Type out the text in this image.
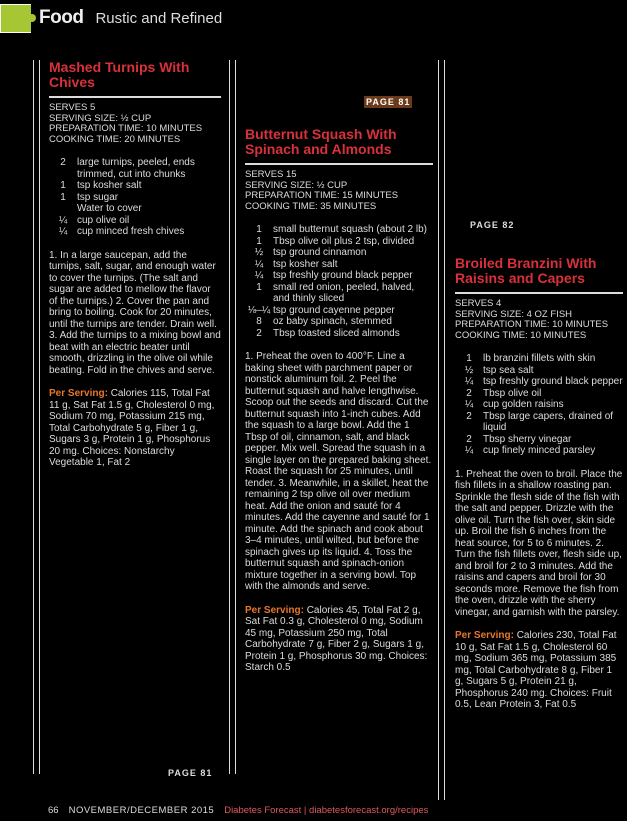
Food Rustic and Refined
Mashed Turnips With Chives
SERVES 5
SERVING SIZE: ½ CUP
PREPARATION TIME: 10 MINUTES
COOKING TIME: 20 MINUTES
2	large turnips, peeled, ends trimmed, cut into chunks
1	tsp kosher salt
1	tsp sugar
Water to cover
¼ cup olive oil
¼ cup minced fresh chives
1. In a large saucepan, add the turnips, salt, sugar, and enough water to cover the turnips. (The salt and sugar are added to mellow the flavor of the turnips.) 2. Cover the pan and bring to boiling. Cook for 20 minutes, until the turnips are tender. Drain well. 3. Add the turnips to a mixing bowl and beat with an electric beater until smooth, drizzling in the olive oil while beating. Fold in the chives and serve.
Per Serving: Calories 115, Total Fat 11 g, Sat Fat 1.5 g, Cholesterol 0 mg, Sodium 70 mg, Potassium 215 mg, Total Carbohydrate 5 g, Fiber 1 g, Sugars 3 g, Protein 1 g, Phosphorus 20 mg. Choices: Nonstarchy Vegetable 1, Fat 2
PAGE 81
PAGE 81
Butternut Squash With Spinach and Almonds
SERVES 15
SERVING SIZE: ½ CUP
PREPARATION TIME: 15 MINUTES
COOKING TIME: 35 MINUTES
1	small butternut squash (about 2 lb)
1	Tbsp olive oil plus 2 tsp, divided
½ tsp ground cinnamon
¼ tsp kosher salt
¼ tsp freshly ground black pepper
1	small red onion, peeled, halved, and thinly sliced
⅛–¼ tsp ground cayenne pepper
8	oz baby spinach, stemmed
2	Tbsp toasted sliced almonds
1. Preheat the oven to 400°F. Line a baking sheet with parchment paper or nonstick aluminum foil. 2. Peel the butternut squash and halve lengthwise. Scoop out the seeds and discard. Cut the butternut squash into 1-inch cubes. Add the squash to a large bowl. Add the 1 Tbsp of oil, cinnamon, salt, and black pepper. Mix well. Spread the squash in a single layer on the prepared baking sheet. Roast the squash for 25 minutes, until tender. 3. Meanwhile, in a skillet, heat the remaining 2 tsp olive oil over medium heat. Add the onion and sauté for 4 minutes. Add the cayenne and sauté for 1 minute. Add the spinach and cook about 3–4 minutes, until wilted, but before the spinach gives up its liquid. 4. Toss the butternut squash and spinach-onion mixture together in a serving bowl. Top with the almonds and serve.
Per Serving: Calories 45, Total Fat 2 g, Sat Fat 0.3 g, Cholesterol 0 mg, Sodium 45 mg, Potassium 250 mg, Total Carbohydrate 7 g, Fiber 2 g, Sugars 1 g, Protein 1 g, Phosphorus 30 mg. Choices: Starch 0.5
PAGE 82
Broiled Branzini With Raisins and Capers
SERVES 4
SERVING SIZE: 4 OZ FISH
PREPARATION TIME: 10 MINUTES
COOKING TIME: 10 MINUTES
1	lb branzini fillets with skin
½ tsp sea salt
¼ tsp freshly ground black pepper
2	Tbsp olive oil
¼ cup golden raisins
2	Tbsp large capers, drained of liquid
2	Tbsp sherry vinegar
¼ cup finely minced parsley
1. Preheat the oven to broil. Place the fish fillets in a shallow roasting pan. Sprinkle the flesh side of the fish with the salt and pepper. Drizzle with the olive oil. Turn the fish over, skin side up. Broil the fish 6 inches from the heat source, for 5 to 6 minutes. 2. Turn the fish fillets over, flesh side up, and broil for 2 to 3 minutes. Add the raisins and capers and broil for 30 seconds more. Remove the fish from the oven, drizzle with the sherry vinegar, and garnish with the parsley.
Per Serving: Calories 230, Total Fat 10 g, Sat Fat 1.5 g, Cholesterol 60 mg, Sodium 365 mg, Potassium 385 mg, Total Carbohydrate 8 g, Fiber 1 g, Sugars 5 g, Protein 21 g, Phosphorus 240 mg. Choices: Fruit 0.5, Lean Protein 3, Fat 0.5
66 NOVEMBER/DECEMBER 2015 Diabetes Forecast | diabetesforecast.org/recipes
